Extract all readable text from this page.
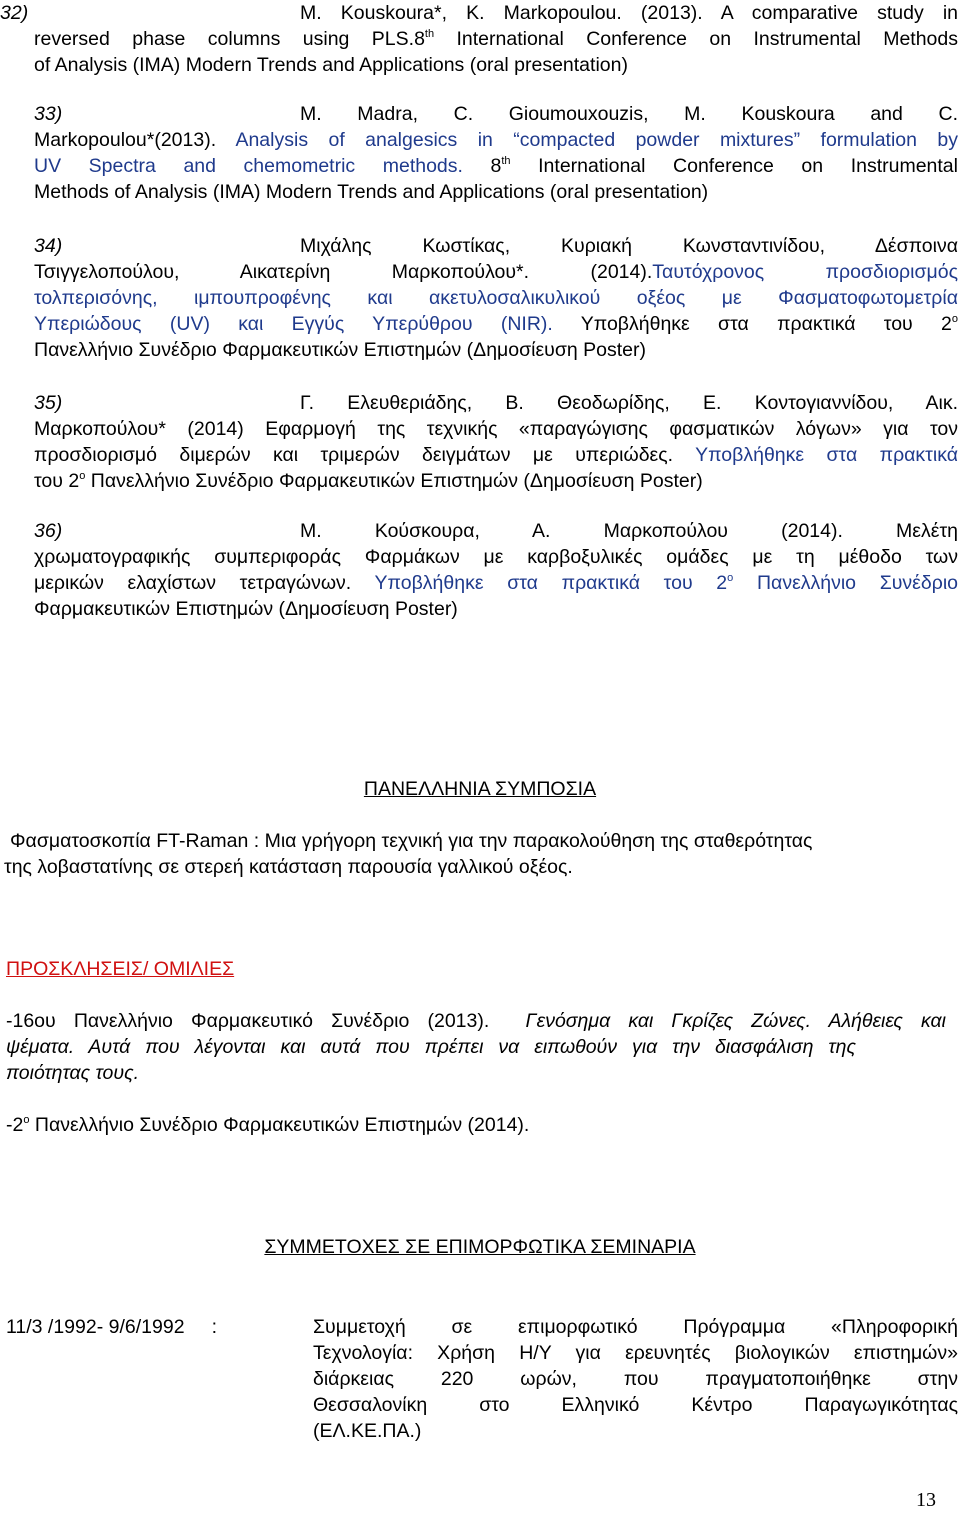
32)	M. Kouskoura*, K. Markopoulou. (2013). A comparative study in
reversed phase columns using PLS.8th International Conference on Instrumental Methods
of Analysis (IMA) Modern Trends and Applications (oral presentation)
33)	M. Madra, C. Gioumouxouzis, M. Kouskoura and C.
Markopoulou*(2013). Analysis of analgesics in “compacted powder mixtures” formulation by
UV Spectra and chemometric methods. 8th International Conference on Instrumental
Methods of Analysis (IMA) Modern Trends and Applications (oral presentation)
34)	Μιχάλης Κωστίκας, Κυριακή Κωνσταντινίδου, Δέσποινα
Τσιγγελοπούλου, Αικατερίνη Μαρκοπούλου*. (2014).Ταυτόχρονος προσδιορισμός
τολπερισόνης, ιμπουπροφένης και ακετυλοσαλικυλικού οξέος με Φασματοφωτομετρία
Υπεριώδους (UV) και Εγγύς Υπερύθρου (NIR). Υποβλήθηκε στα πρακτικά του $2^o$
Πανελλήνιο Συνέδριο Φαρμακευτικών Επιστημών (Δημοσίευση Poster)
35)	Γ. Ελευθεριάδης, Β. Θεοδωρίδης, Ε. Κοντογιαννίδου, Αικ.
Μαρκοπούλου* (2014) Εφαρμογή της τεχνικής «παραγώγισης φασματικών λόγων» για τον
προσδιορισμό διμερών και τριμερών δειγμάτων με υπεριώδες. Υποβλήθηκε στα πρακτικά
του $2^o$ Πανελλήνιο Συνέδριο Φαρμακευτικών Επιστημών (Δημοσίευση Poster)
36)	Μ. Κούσκουρα, Α. Μαρκοπούλου (2014). Μελέτη
χρωματογραφικής συμπεριφοράς Φαρμάκων με καρβοξυλικές ομάδες με τη μέθοδο των
μερικών ελαχίστων τετραγώνων. Υποβλήθηκε στα πρακτικά του $2^o$ Πανελλήνιο Συνέδριο
Φαρμακευτικών Επιστημών (Δημοσίευση Poster)
ΠΑΝΕΛΛΗΝΙΑ ΣΥΜΠΟΣΙΑ
Φασματοσκοπία FT-Raman : Μια γρήγορη τεχνική για την παρακολούθηση της σταθερότητας
της λοβαστατίνης σε στερεή κατάσταση παρουσία γαλλικού οξέος.
ΠΡΟΣΚΛΗΣΕΙΣ/ ΟΜΙΛΙΕΣ
-16ου Πανελλήνιο Φαρμακευτικό Συνέδριο (2013). Γενόσημα και Γκρίζες Ζώνες. Αλήθειες και
ψέματα. Αυτά που λέγονται και αυτά που πρέπει να ειπωθούν για την διασφάλιση της
ποιότητας τους.
$-2^o$ Πανελλήνιο Συνέδριο Φαρμακευτικών Επιστημών (2014).
ΣΥΜΜΕΤΟΧΕΣ ΣΕ ΕΠΙΜΟΡΦΩΤΙΚΑ ΣΕΜΙΝΑΡΙΑ
11/3 /1992- 9/6/1992 :	Συμμετοχή σε επιμορφωτικό Πρόγραμμα «Πληροφορική
Τεχνολογία: Χρήση Η/Υ για ερευνητές βιολογικών επιστημών»
διάρκειας 220 ωρών, που πραγματοποιήθηκε στην
Θεσσαλονίκη στο Ελληνικό Κέντρο Παραγωγικότητας
(ΕΛ.ΚΕ.ΠΑ.)
13
